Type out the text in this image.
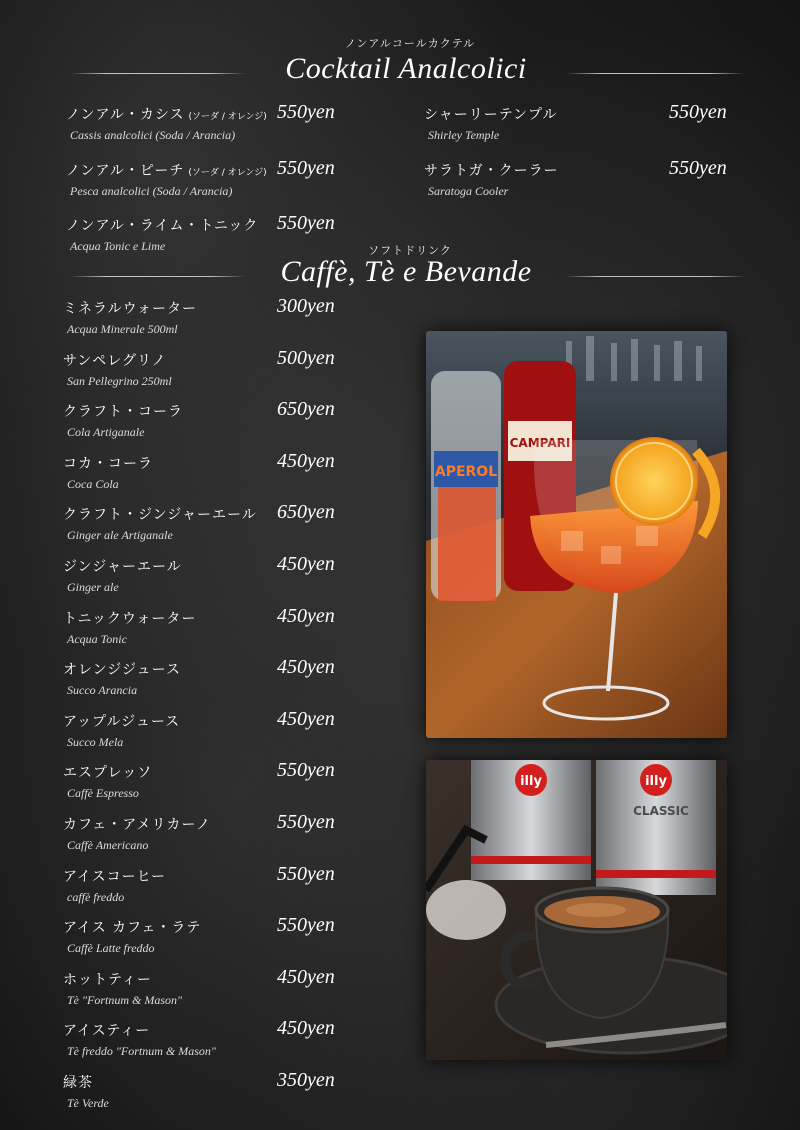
ノンアルコールカクテル
Cocktail Analcolici
ノンアル・カシス (ソーダ / オレンジ)
Cassis analcolici (Soda / Arancia)
550yen
ノンアル・ピーチ (ソーダ / オレンジ)
Pesca analcolici (Soda / Arancia)
550yen
ノンアル・ライム・トニック
Acqua Tonic e Lime
550yen
シャーリーテンプル
Shirley Temple
550yen
サラトガ・クーラー
Saratoga Cooler
550yen
ソフトドリンク
Caffè, Tè e Bevande
ミネラルウォーター
Acqua Minerale 500ml
300yen
サンペレグリノ
San Pellegrino 250ml
500yen
クラフト・コーラ
Cola Artiganale
650yen
コカ・コーラ
Coca Cola
450yen
クラフト・ジンジャーエール
Ginger ale Artiganale
650yen
ジンジャーエール
Ginger ale
450yen
トニックウォーター
Acqua Tonic
450yen
オレンジジュース
Succo Arancia
450yen
アップルジュース
Succo Mela
450yen
エスプレッソ
Caffè Espresso
550yen
カフェ・アメリカーノ
Caffè Americano
550yen
アイスコーヒー
caffè freddo
550yen
アイス カフェ・ラテ
Caffè Latte freddo
550yen
ホットティー
Tè "Fortnum & Mason"
450yen
アイスティー
Tè freddo "Fortnum & Mason"
450yen
緑茶
Tè Verde
350yen
APEROL
CAMPARI
illy	illy
CLASSIC
